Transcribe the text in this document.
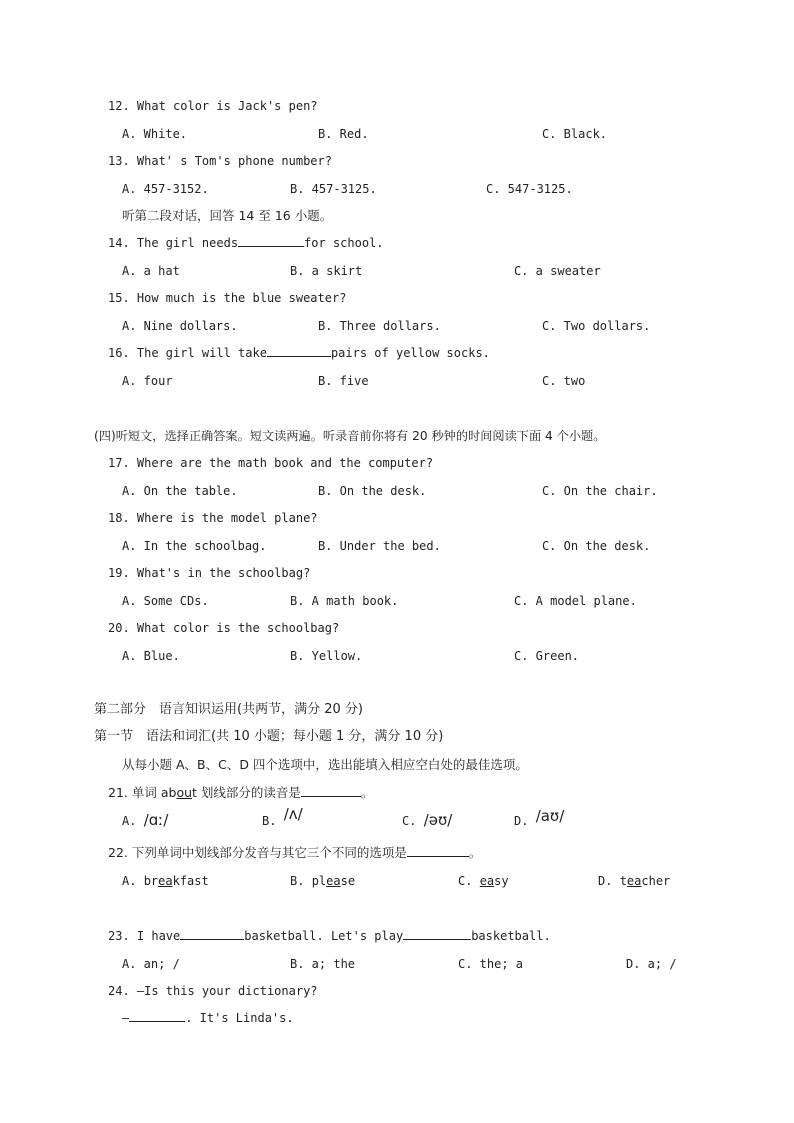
12. What color is Jack's pen?
A. White.	B. Red.	C. Black.
13. What' s Tom's phone number?
A. 457-3152.	B. 457-3125.	C. 547-3125.
听第二段对话，回答 14 至 16 小题。
14. The girl needs	for school.
A. a hat	B. a skirt	C. a sweater
15. How much is the blue sweater?
A. Nine dollars.	B. Three dollars.	C. Two dollars.
16. The girl will take	pairs of yellow socks.
A. four	B. five	C. two
(四)听短文，选择正确答案。短文读两遍。听录音前你将有 20 秒钟的时间阅读下面 4 个小题。
17. Where are the math book and the computer?
A. On the table.	B. On the desk.	C. On the chair.
18. Where is the model plane?
A. In the schoolbag.	B. Under the bed.	C. On the desk.
19. What's in the schoolbag?
A. Some CDs.	B. A math book.	C. A model plane.
20. What color is the schoolbag?
A. Blue.	B. Yellow.	C. Green.
第二部分　语言知识运用(共两节，满分 20 分)
第一节　语法和词汇(共 10 小题；每小题 1 分，满分 10 分)
从每小题 A、B、C、D 四个选项中，选出能填入相应空白处的最佳选项。
21. 单词 about 划线部分的读音是	。
A. /ɑː/	B. /ʌ/	C. /əʊ/	D. /aʊ/
22. 下列单词中划线部分发音与其它三个不同的选项是	。
A. breakfast	B. please	C. easy	D. teacher
23. I have	basketball. Let's play	basketball.
A. an; /	B. a; the	C. the; a	D. a; /
24. —Is this your dictionary?
—	. It's Linda's.
